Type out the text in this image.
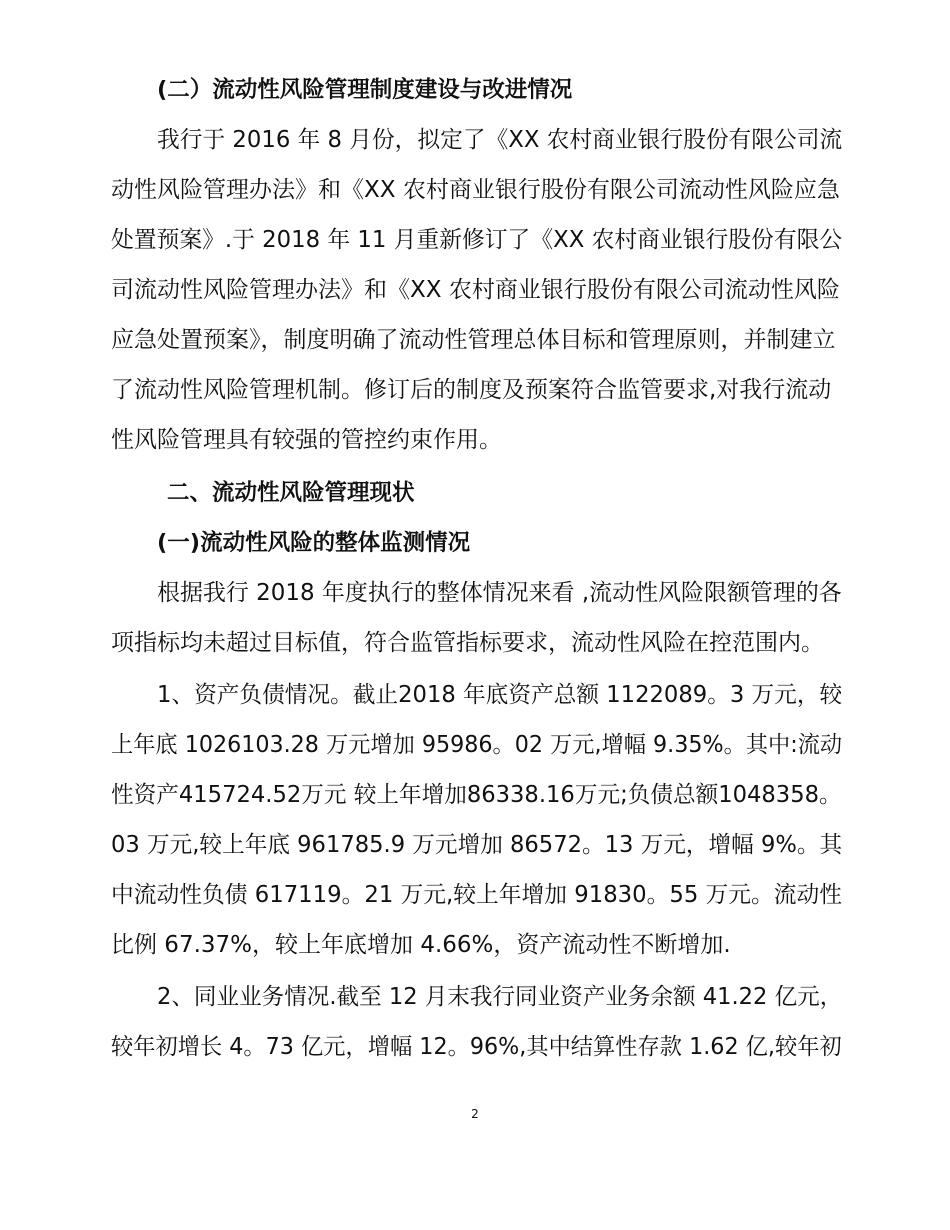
(二）流动性风险管理制度建设与改进情况
我行于 2016 年 8 月份，拟定了《XX 农村商业银行股份有限公司流
动性风险管理办法》和《XX 农村商业银行股份有限公司流动性风险应急
处置预案》.于 2018 年 11 月重新修订了《XX 农村商业银行股份有限公
司流动性风险管理办法》和《XX 农村商业银行股份有限公司流动性风险
应急处置预案》，制度明确了流动性管理总体目标和管理原则，并制建立
了流动性风险管理机制。修订后的制度及预案符合监管要求,对我行流动
性风险管理具有较强的管控约束作用。
二、流动性风险管理现状
(一)流动性风险的整体监测情况
根据我行 2018 年度执行的整体情况来看 ,流动性风险限额管理的各
项指标均未超过目标值，符合监管指标要求，流动性风险在控范围内。
1、资产负债情况。截止2018 年底资产总额 1122089。3 万元，较
上年底 1026103.28 万元增加 95986。02 万元,增幅 9.35%。其中:流动
性资产415724.52万元 较上年增加86338.16万元;负债总额1048358。
03 万元,较上年底 961785.9 万元增加 86572。13 万元，增幅 9%。其
中流动性负债 617119。21 万元,较上年增加 91830。55 万元。流动性
比例 67.37%，较上年底增加 4.66%，资产流动性不断增加.
2、同业业务情况.截至 12 月末我行同业资产业务余额 41.22 亿元，
较年初增长 4。73 亿元，增幅 12。96%,其中结算性存款 1.62 亿,较年初
2
